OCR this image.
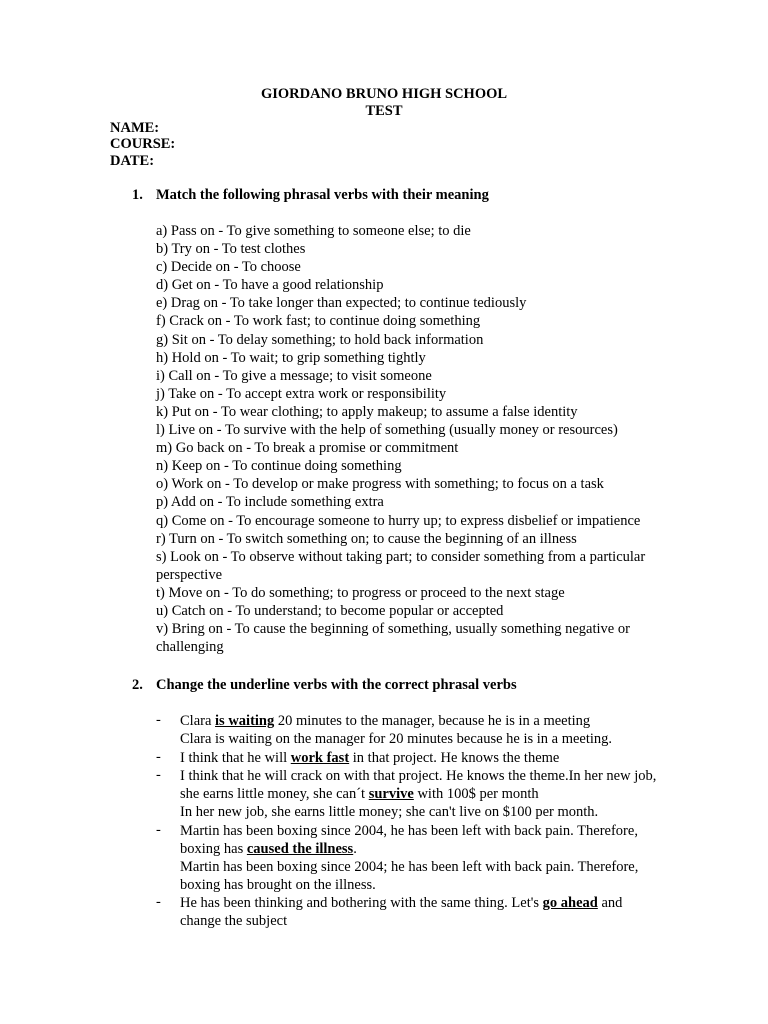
GIORDANO BRUNO HIGH SCHOOL
TEST
NAME:
COURSE:
DATE:
1. Match the following phrasal verbs with their meaning
a) Pass on - To give something to someone else; to die
b) Try on - To test clothes
c) Decide on - To choose
d) Get on - To have a good relationship
e) Drag on - To take longer than expected; to continue tediously
f) Crack on - To work fast; to continue doing something
g) Sit on - To delay something; to hold back information
h) Hold on - To wait; to grip something tightly
i) Call on - To give a message; to visit someone
j) Take on - To accept extra work or responsibility
k) Put on - To wear clothing; to apply makeup; to assume a false identity
l) Live on - To survive with the help of something (usually money or resources)
m) Go back on - To break a promise or commitment
n) Keep on - To continue doing something
o) Work on - To develop or make progress with something; to focus on a task
p) Add on - To include something extra
q) Come on - To encourage someone to hurry up; to express disbelief or impatience
r) Turn on - To switch something on; to cause the beginning of an illness
s) Look on - To observe without taking part; to consider something from a particular perspective
t) Move on - To do something; to progress or proceed to the next stage
u) Catch on - To understand; to become popular or accepted
v) Bring on - To cause the beginning of something, usually something negative or challenging
2. Change the underline verbs with the correct phrasal verbs
- Clara is waiting 20 minutes to the manager, because he is in a meeting
Clara is waiting on the manager for 20 minutes because he is in a meeting.
- I think that he will work fast in that project. He knows the theme
- I think that he will crack on with that project. He knows the theme.In her new job, she earns little money, she can´t survive with 100$ per month
In her new job, she earns little money; she can't live on $100 per month.
- Martin has been boxing since 2004, he has been left with back pain. Therefore, boxing has caused the illness.
Martin has been boxing since 2004; he has been left with back pain. Therefore, boxing has brought on the illness.
- He has been thinking and bothering with the same thing. Let's go ahead and change the subject
